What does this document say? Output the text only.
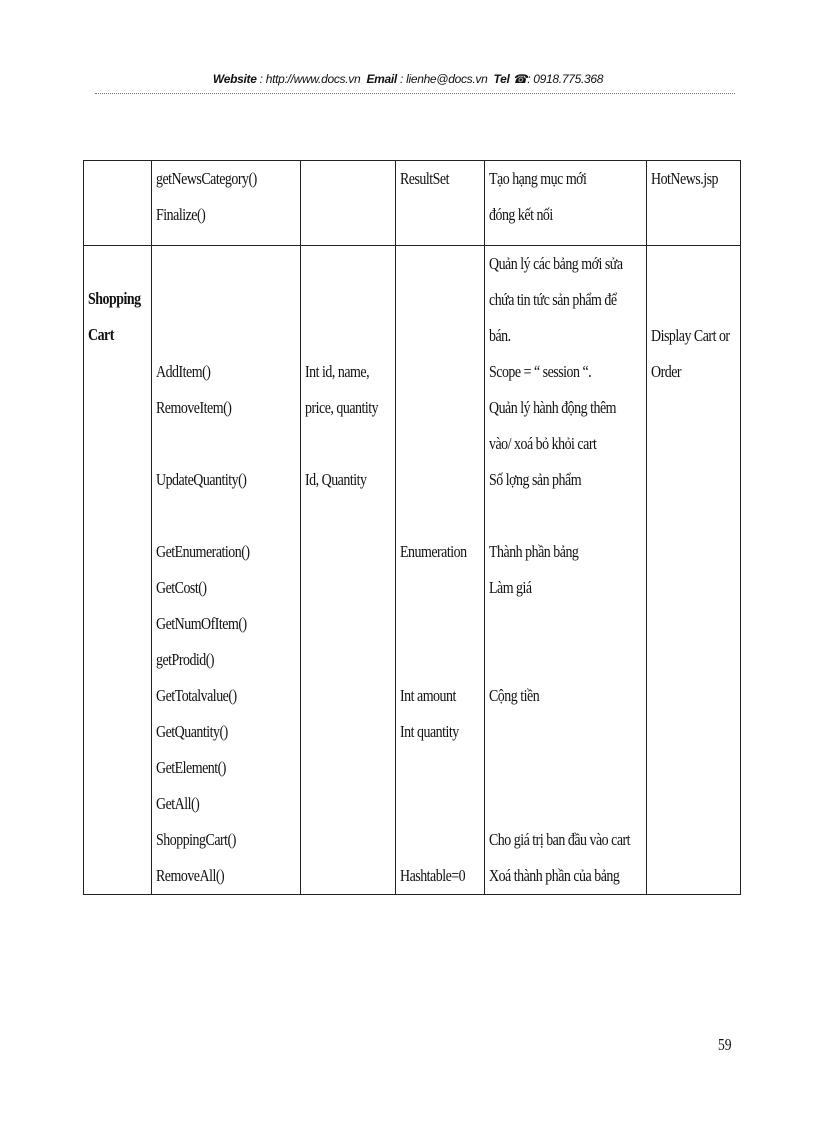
Website : http://www.docs.vn Email : lienhe@docs.vn Tel ☎: 0918.775.368
getNewsCategory()
Finalize()
ResultSet Tạo hạng mục mới
đóng kết nối
HotNews.jsp
Shopping
Cart
AddItem()
RemoveItem()
UpdateQuantity()
GetEnumeration()
GetCost()
GetNumOfItem()
getProdid()
GetTotalvalue()
GetQuantity()
GetElement()
GetAll()
ShoppingCart()
RemoveAll()
Int id, name,
price, quantity
Id, Quantity
Enumeration
Int amount
Int quantity
Hashtable=0
Quản lý các bảng mới sửa
chứa tin tức sản phẩm để
bán.
Scope = “ session “.
Quản lý hành động thêm
vào/ xoá bỏ khỏi cart
Số lợng sản phẩm
Thành phần bảng
Làm giá
Cộng tiền
Cho giá trị ban đầu vào cart
Xoá thành phần của bảng
Display Cart or
Order
59
